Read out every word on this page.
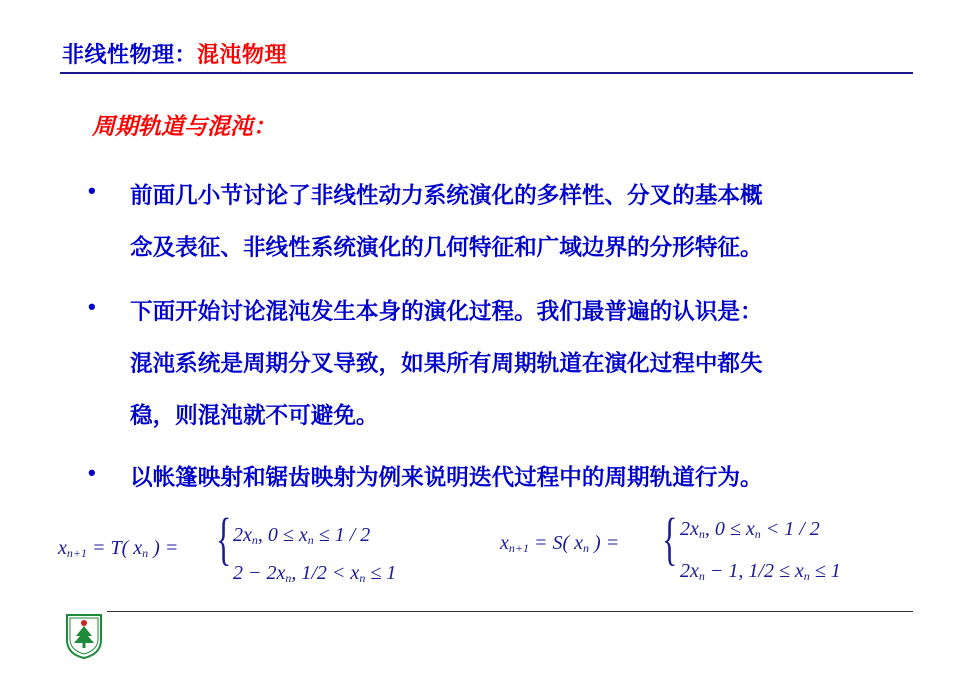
非线性物理：混沌物理
周期轨道与混沌：
•	前面几小节讨论了非线性动力系统演化的多样性、分叉的基本概
念及表征、非线性系统演化的几何特征和广域边界的分形特征。
•	下面开始讨论混沌发生本身的演化过程。我们最普遍的认识是：
混沌系统是周期分叉导致，如果所有周期轨道在演化过程中都失
稳，则混沌就不可避免。
•	以帐篷映射和锯齿映射为例来说明迭代过程中的周期轨道行为。
$x_{n+1} = T$( $x_n$ ) = { $2x_n$, $0 \le x_n \le 1 / 2$
$2 - 2x_n$, $1/2 < x_n \le 1$
$x_{n+1} = S$( $x_n$ ) = { $2x_n$, $0 \le x_n < 1 / 2$
$2x_n - 1$, $1/2 \le x_n \le 1$
